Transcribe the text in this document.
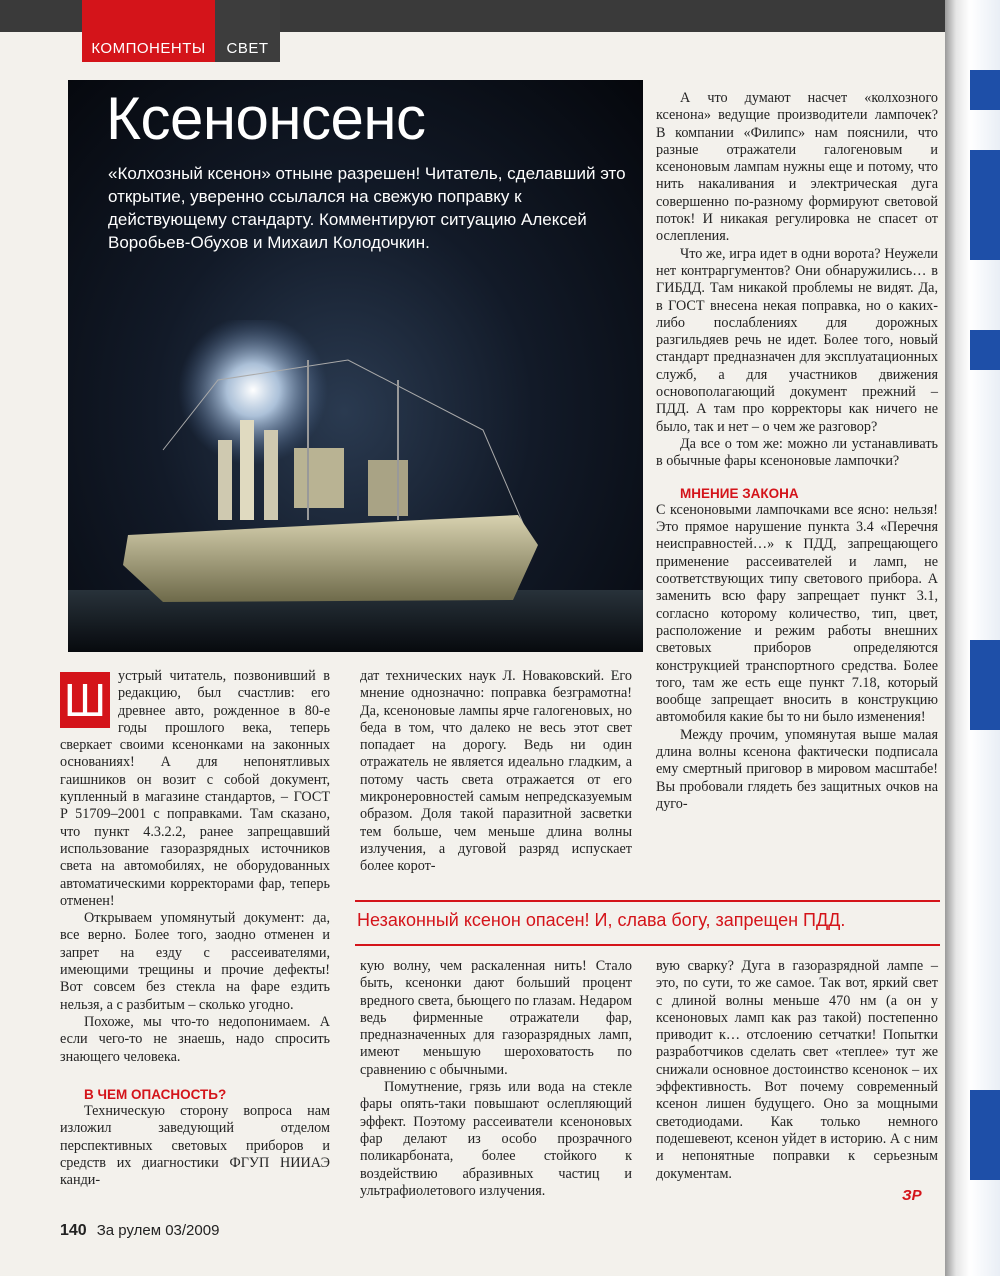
КОМПОНЕНТЫ	СВЕТ
Ксенонсенс
«Колхозный ксенон» отныне разрешен! Читатель, сделавший это открытие, уверенно ссылался на свежую поправку к действующему стандарту. Комментируют ситуацию Алексей Воробьев-Обухов и Михаил Колодочкин.

Ш устрый читатель, позвонивший в редакцию, был счастлив: его древнее авто, рожденное в 80-е годы прошлого века, теперь сверкает своими ксенонками на законных основаниях! А для непонятливых гаишников он возит с собой документ, купленный в магазине стандартов, – ГОСТ Р 51709–2001 с поправками. Там сказано, что пункт 4.3.2.2, ранее запрещавший использование газоразрядных источников света на автомобилях, не оборудованных автоматическими корректорами фар, теперь отменен!

Открываем упомянутый документ: да, все верно. Более того, заодно отменен и запрет на езду с рассеивателями, имеющими трещины и прочие дефекты! Вот совсем без стекла на фаре ездить нельзя, а с разбитым – сколько угодно.

Похоже, мы что-то недопонимаем. А если чего-то не знаешь, надо спросить знающего человека.

В ЧЕМ ОПАСНОСТЬ?

Техническую сторону вопроса нам изложил заведующий отделом перспективных световых приборов и средств их диагностики ФГУП НИИАЭ канди-

дат технических наук Л. Новаковский. Его мнение однозначно: поправка безграмотна! Да, ксеноновые лампы ярче галогеновых, но беда в том, что далеко не весь этот свет попадает на дорогу. Ведь ни один отражатель не является идеально гладким, а потому часть света отражается от его микронеровностей самым непредсказуемым образом. Доля такой паразитной засветки тем больше, чем меньше длина волны излучения, а дуговой разряд испускает более корот-

кую волну, чем раскаленная нить! Стало быть, ксенонки дают больший процент вредного света, бьющего по глазам. Недаром ведь фирменные отражатели фар, предназначенных для газоразрядных ламп, имеют меньшую шероховатость по сравнению с обычными.

Помутнение, грязь или вода на стекле фары опять-таки повышают ослепляющий эффект. Поэтому рассеиватели ксеноновых фар делают из особо прозрачного поликарбоната, более стойкого к воздействию абразивных частиц и ультрафиолетового излучения.

А что думают насчет «колхозного ксенона» ведущие производители лампочек? В компании «Филипс» нам пояснили, что разные отражатели галогеновым и ксеноновым лампам нужны еще и потому, что нить накаливания и электрическая дуга совершенно по-разному формируют световой поток! И никакая регулировка не спасет от ослепления.

Что же, игра идет в одни ворота? Неужели нет контраргументов? Они обнаружились… в ГИБДД. Там никакой проблемы не видят. Да, в ГОСТ внесена некая поправка, но о каких-либо послаблениях для дорожных разгильдяев речь не идет. Более того, новый стандарт предназначен для эксплуатационных служб, а для участников движения основополагающий документ прежний – ПДД. А там про корректоры как ничего не было, так и нет – о чем же разговор?

Да все о том же: можно ли устанавливать в обычные фары ксеноновые лампочки?

МНЕНИЕ ЗАКОНА

С ксеноновыми лампочками все ясно: нельзя! Это прямое нарушение пункта 3.4 «Перечня неисправностей…» к ПДД, запрещающего применение рассеивателей и ламп, не соответствующих типу светового прибора. А заменить всю фару запрещает пункт 3.1, согласно которому количество, тип, цвет, расположение и режим работы внешних световых приборов определяются конструкцией транспортного средства. Более того, там же есть еще пункт 7.18, который вообще запрещает вносить в конструкцию автомобиля какие бы то ни было изменения!

Между прочим, упомянутая выше малая длина волны ксенона фактически подписала ему смертный приговор в мировом масштабе! Вы пробовали глядеть без защитных очков на дуго-

Незаконный ксенон опасен! И, слава богу, запрещен ПДД.

вую сварку? Дуга в газоразрядной лампе – это, по сути, то же самое. Так вот, яркий свет с длиной волны меньше 470 нм (а он у ксеноновых ламп как раз такой) постепенно приводит к… отслоению сетчатки! Попытки разработчиков сделать свет «теплее» тут же снижали основное достоинство ксенонок – их эффективность. Вот почему современный ксенон лишен будущего. Оно за мощными светодиодами. Как только немного подешевеют, ксенон уйдет в историю. А с ним и непонятные поправки к серьезным документам.

ЗР
140 За рулем 03/2009
